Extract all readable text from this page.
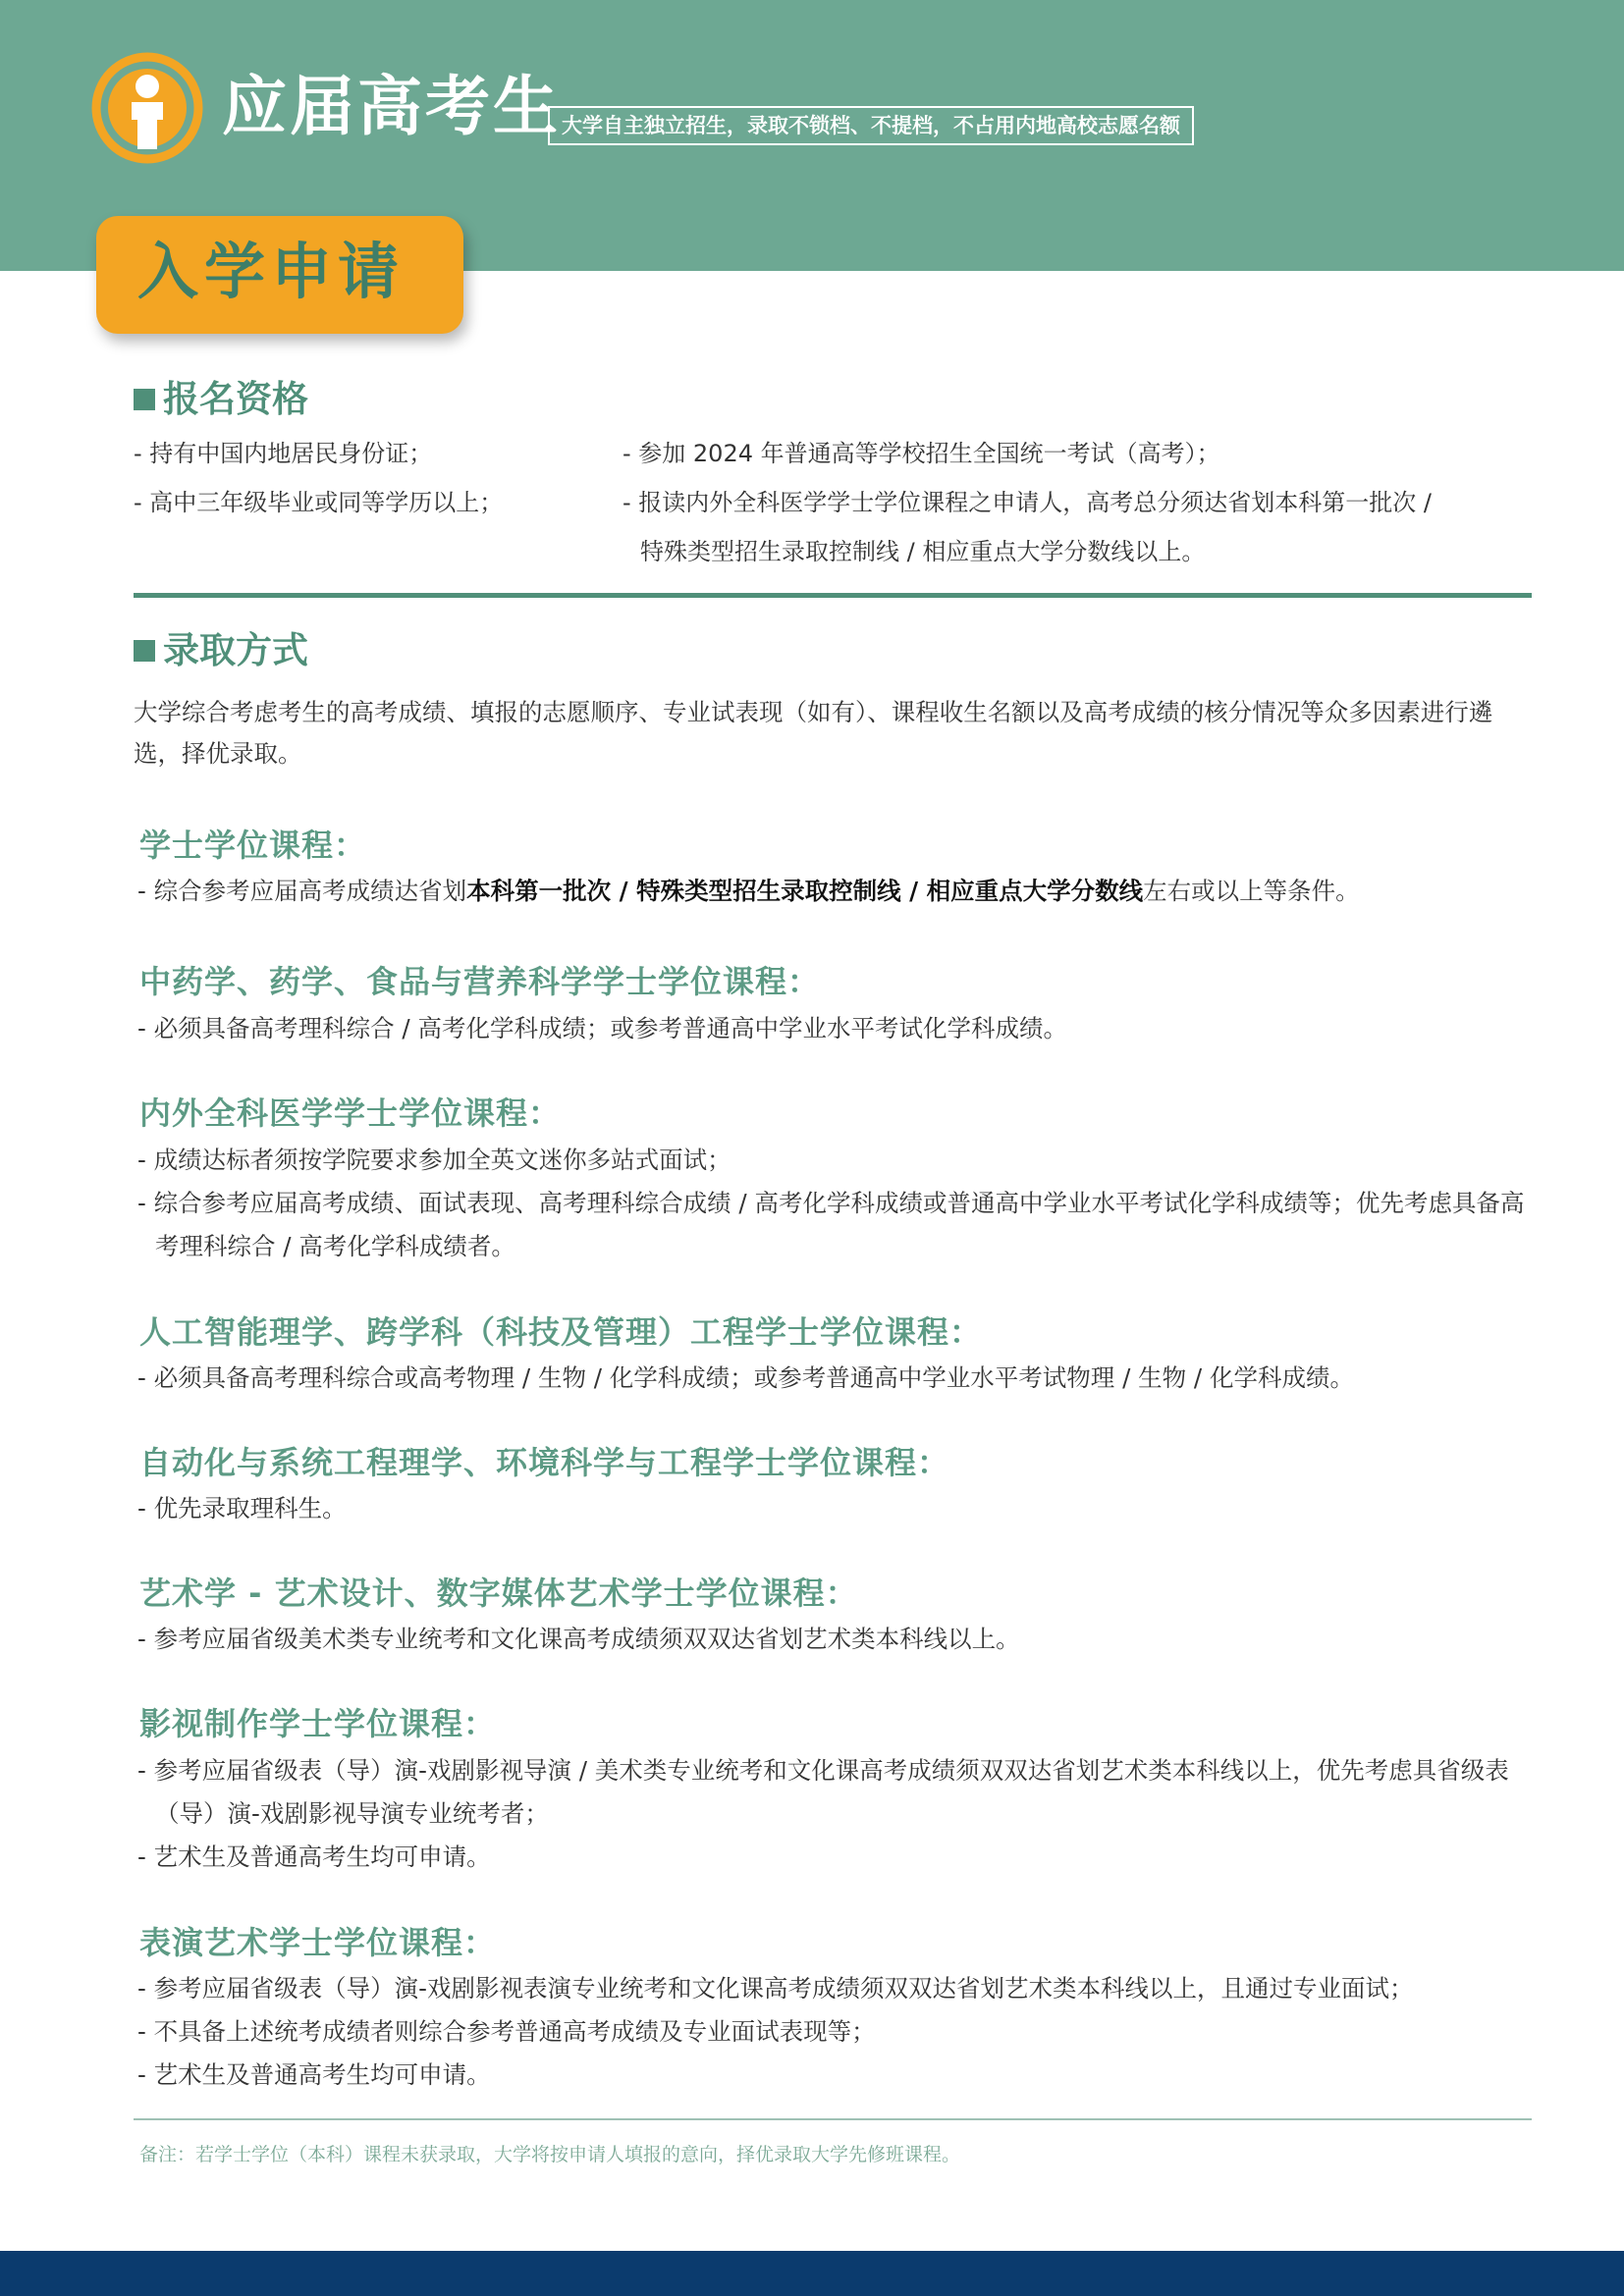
应届高考生 大学自主独立招生，录取不锁档、不提档，不占用内地高校志愿名额
入学申请
报名资格
- 持有中国内地居民身份证；
- 高中三年级毕业或同等学历以上；
- 参加 2024 年普通高等学校招生全国统一考试（高考）；
- 报读内外全科医学学士学位课程之申请人，高考总分须达省划本科第一批次 /
特殊类型招生录取控制线 / 相应重点大学分数线以上。
录取方式
大学综合考虑考生的高考成绩、填报的志愿顺序、专业试表现（如有）、课程收生名额以及高考成绩的核分情况等众多因素进行遴选，择优录取。
学士学位课程：
- 综合参考应届高考成绩达省划本科第一批次 / 特殊类型招生录取控制线 / 相应重点大学分数线左右或以上等条件。
中药学、药学、食品与营养科学学士学位课程：
- 必须具备高考理科综合 / 高考化学科成绩；或参考普通高中学业水平考试化学科成绩。
内外全科医学学士学位课程：
- 成绩达标者须按学院要求参加全英文迷你多站式面试；
- 综合参考应届高考成绩、面试表现、高考理科综合成绩 / 高考化学科成绩或普通高中学业水平考试化学科成绩等；优先考虑具备高考理科综合 / 高考化学科成绩者。
人工智能理学、跨学科（科技及管理）工程学士学位课程：
- 必须具备高考理科综合或高考物理 / 生物 / 化学科成绩；或参考普通高中学业水平考试物理 / 生物 / 化学科成绩。
自动化与系统工程理学、环境科学与工程学士学位课程：
- 优先录取理科生。
艺术学 - 艺术设计、数字媒体艺术学士学位课程：
- 参考应届省级美术类专业统考和文化课高考成绩须双双达省划艺术类本科线以上。
影视制作学士学位课程：
- 参考应届省级表（导）演-戏剧影视导演 / 美术类专业统考和文化课高考成绩须双双达省划艺术类本科线以上，优先考虑具省级表（导）演-戏剧影视导演专业统考者；
- 艺术生及普通高考生均可申请。
表演艺术学士学位课程：
- 参考应届省级表（导）演-戏剧影视表演专业统考和文化课高考成绩须双双达省划艺术类本科线以上，且通过专业面试；
- 不具备上述统考成绩者则综合参考普通高考成绩及专业面试表现等；
- 艺术生及普通高考生均可申请。
备注：若学士学位（本科）课程未获录取，大学将按申请人填报的意向，择优录取大学先修班课程。
